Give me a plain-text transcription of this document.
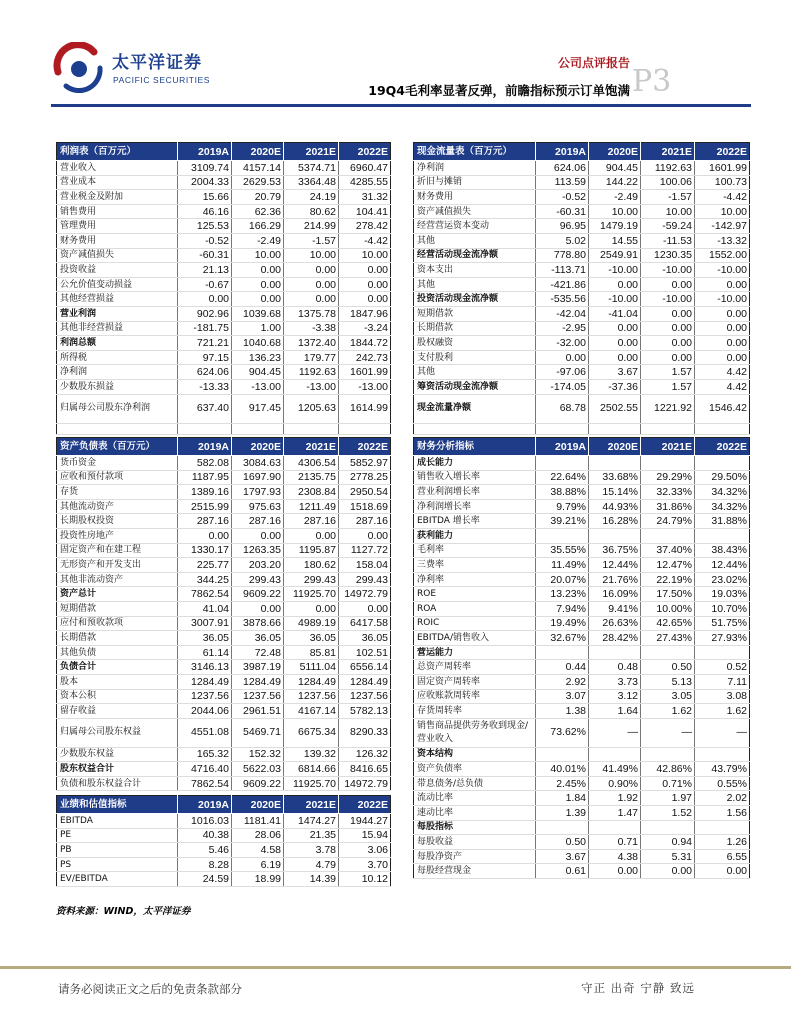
太平洋证券
PACIFIC SECURITIES
公司点评报告
19Q4毛利率显著反弹，前瞻指标预示订单饱满 P3
利润表（百万元）	2019A	2020E	2021E	2022E
营业收入	3109.74	4157.14	5374.71	6960.47
营业成本	2004.33	2629.53	3364.48	4285.55
营业税金及附加	15.66	20.79	24.19	31.32
销售费用	46.16	62.36	80.62	104.41
管理费用	125.53	166.29	214.99	278.42
财务费用	-0.52	-2.49	-1.57	-4.42
资产减值损失	-60.31	10.00	10.00	10.00
投资收益	21.13	0.00	0.00	0.00
公允价值变动损益	-0.67	0.00	0.00	0.00
其他经营损益	0.00	0.00	0.00	0.00
营业利润	902.96	1039.68	1375.78	1847.96
其他非经营损益	-181.75	1.00	-3.38	-3.24
利润总额	721.21	1040.68	1372.40	1844.72
所得税	97.15	136.23	179.77	242.73
净利润	624.06	904.45	1192.63	1601.99
少数股东损益	-13.33	-13.00	-13.00	-13.00
归属母公司股东净利润	637.40	917.45	1205.63	1614.99

现金流量表（百万元）	2019A	2020E	2021E	2022E
净利润	624.06	904.45	1192.63	1601.99
折旧与摊销	113.59	144.22	100.06	100.73
财务费用	-0.52	-2.49	-1.57	-4.42
资产减值损失	-60.31	10.00	10.00	10.00
经营营运资本变动	96.95	1479.19	-59.24	-142.97
其他	5.02	14.55	-11.53	-13.32
经营活动现金流净额	778.80	2549.91	1230.35	1552.00
资本支出	-113.71	-10.00	-10.00	-10.00
其他	-421.86	0.00	0.00	0.00
投资活动现金流净额	-535.56	-10.00	-10.00	-10.00
短期借款	-42.04	-41.04	0.00	0.00
长期借款	-2.95	0.00	0.00	0.00
股权融资	-32.00	0.00	0.00	0.00
支付股利	0.00	0.00	0.00	0.00
其他	-97.06	3.67	1.57	4.42
筹资活动现金流净额	-174.05	-37.36	1.57	4.42
现金流量净额	68.78	2502.55	1221.92	1546.42

资产负债表（百万元）	2019A	2020E	2021E	2022E
货币资金	582.08	3084.63	4306.54	5852.97
应收和预付款项	1187.95	1697.90	2135.75	2778.25
存货	1389.16	1797.93	2308.84	2950.54
其他流动资产	2515.99	975.63	1211.49	1518.69
长期股权投资	287.16	287.16	287.16	287.16
投资性房地产	0.00	0.00	0.00	0.00
固定资产和在建工程	1330.17	1263.35	1195.87	1127.72
无形资产和开发支出	225.77	203.20	180.62	158.04
其他非流动资产	344.25	299.43	299.43	299.43
资产总计	7862.54	9609.22	11925.70	14972.79
短期借款	41.04	0.00	0.00	0.00
应付和预收款项	3007.91	3878.66	4989.19	6417.58
长期借款	36.05	36.05	36.05	36.05
其他负债	61.14	72.48	85.81	102.51
负债合计	3146.13	3987.19	5111.04	6556.14
股本	1284.49	1284.49	1284.49	1284.49
资本公积	1237.56	1237.56	1237.56	1237.56
留存收益	2044.06	2961.51	4167.14	5782.13
归属母公司股东权益	4551.08	5469.71	6675.34	8290.33
少数股东权益	165.32	152.32	139.32	126.32
股东权益合计	4716.40	5622.03	6814.66	8416.65
负债和股东权益合计	7862.54	9609.22	11925.70	14972.79
业绩和估值指标	2019A	2020E	2021E	2022E
EBITDA	1016.03	1181.41	1474.27	1944.27
PE	40.38	28.06	21.35	15.94
PB	5.46	4.58	3.78	3.06
PS	8.28	6.19	4.79	3.70
EV/EBITDA	24.59	18.99	14.39	10.12
财务分析指标	2019A	2020E	2021E	2022E
成长能力				
销售收入增长率	22.64%	33.68%	29.29%	29.50%
营业利润增长率	38.88%	15.14%	32.33%	34.32%
净利润增长率	9.79%	44.93%	31.86%	34.32%
EBITDA 增长率	39.21%	16.28%	24.79%	31.88%
获利能力				
毛利率	35.55%	36.75%	37.40%	38.43%
三费率	11.49%	12.44%	12.47%	12.44%
净利率	20.07%	21.76%	22.19%	23.02%
ROE	13.23%	16.09%	17.50%	19.03%
ROA	7.94%	9.41%	10.00%	10.70%
ROIC	19.49%	26.63%	42.65%	51.75%
EBITDA/销售收入	32.67%	28.42%	27.43%	27.93%
营运能力				
总资产周转率	0.44	0.48	0.50	0.52
固定资产周转率	2.92	3.73	5.13	7.11
应收账款周转率	3.07	3.12	3.05	3.08
存货周转率	1.38	1.64	1.62	1.62
销售商品提供劳务收到现金/营业收入	73.62%	—	—	—
资本结构				
资产负债率	40.01%	41.49%	42.86%	43.79%
带息债务/总负债	2.45%	0.90%	0.71%	0.55%
流动比率	1.84	1.92	1.97	2.02
速动比率	1.39	1.47	1.52	1.56
每股指标				
每股收益	0.50	0.71	0.94	1.26
每股净资产	3.67	4.38	5.31	6.55
每股经营现金	0.61	0.00	0.00	0.00
资料来源：WIND，太平洋证券
请务必阅读正文之后的免责条款部分	守正 出奇 宁静 致远
